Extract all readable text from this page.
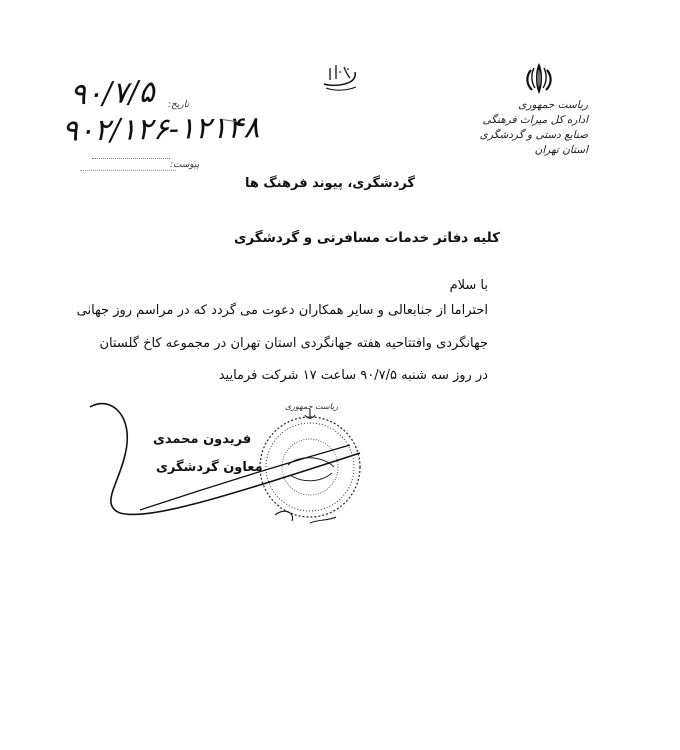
ریاست جمهوری
اداره کل میراث فرهنگی
صنایع دستی و گردشگری
استان تهران
تاریخ:
۹۰/۷/۵
۹۰۲/۱۲۶-۱۲۱۴۸
پیوست:
گردشگری، پیوند فرهنگ ها
کلیه دفاتر خدمات مسافرتی و گردشگری
با سلام
احتراما از جنابعالی و سایر همکاران دعوت می گردد که در مراسم روز جهانی
جهانگردی وافتتاحیه هفته جهانگردی استان تهران در مجموعه کاخ گلستان
در روز سه شنبه ۹۰/۷/۵ ساعت ۱۷ شرکت فرمایید
ریاست جمهوری
فریدون محمدی
معاون گردشگری
